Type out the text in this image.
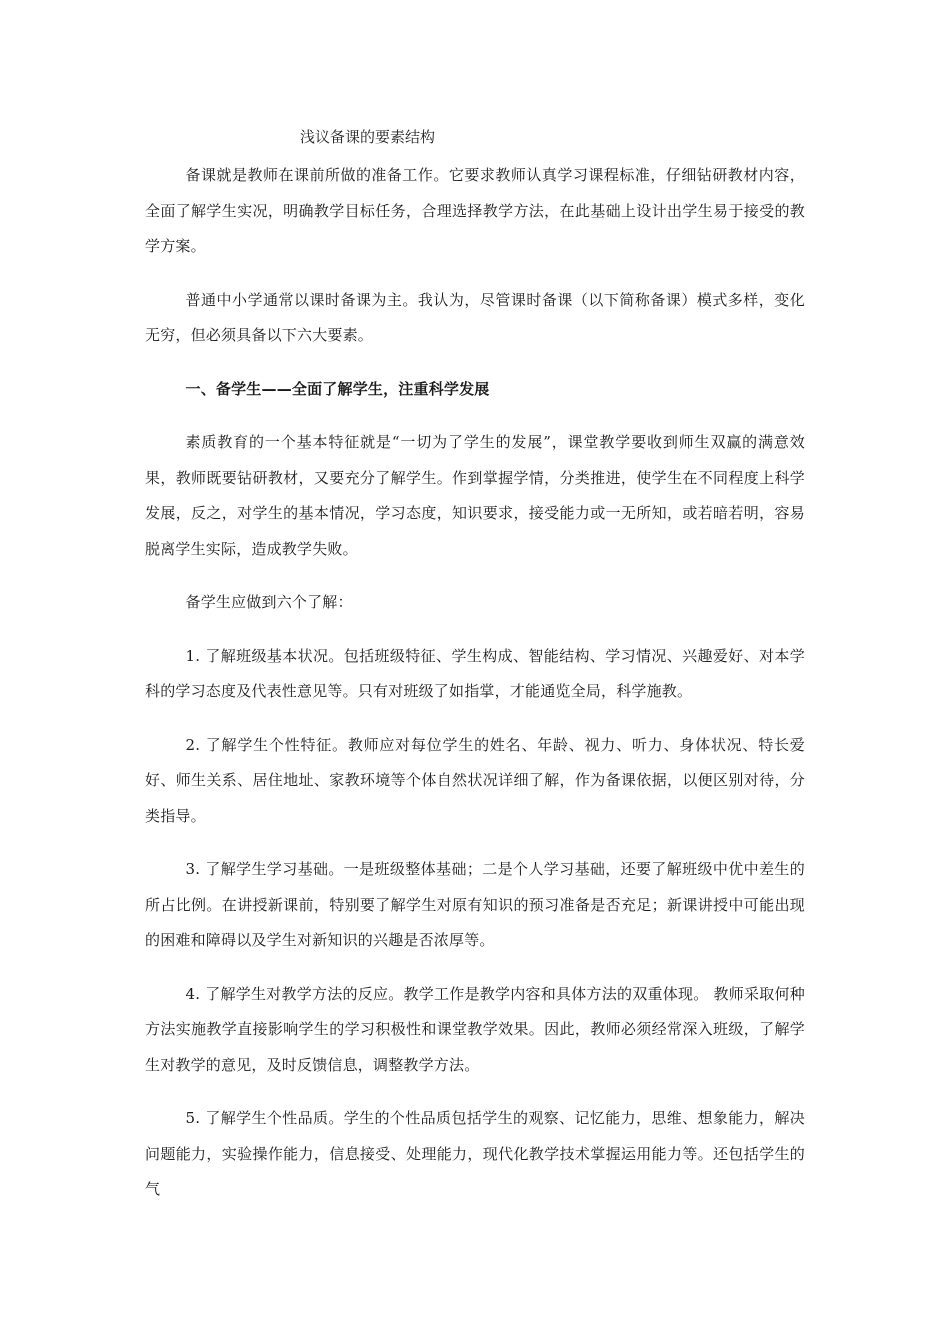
浅议备课的要素结构

备课就是教师在课前所做的准备工作。它要求教师认真学习课程标准，仔细钻研教材内容，全面了解学生实况，明确教学目标任务，合理选择教学方法，在此基础上设计出学生易于接受的教学方案。

普通中小学通常以课时备课为主。我认为，尽管课时备课（以下简称备课）模式多样，变化无穷，但必须具备以下六大要素。

一、备学生——全面了解学生，注重科学发展

素质教育的一个基本特征就是“一切为了学生的发展”，课堂教学要收到师生双赢的满意效果，教师既要钻研教材，又要充分了解学生。作到掌握学情，分类推进，使学生在不同程度上科学发展，反之，对学生的基本情况，学习态度，知识要求，接受能力或一无所知，或若暗若明，容易脱离学生实际，造成教学失败。

备学生应做到六个了解：

1. 了解班级基本状况。包括班级特征、学生构成、智能结构、学习情况、兴趣爱好、对本学科的学习态度及代表性意见等。只有对班级了如指掌，才能通览全局，科学施教。

2. 了解学生个性特征。教师应对每位学生的姓名、年龄、视力、听力、身体状况、特长爱好、师生关系、居住地址、家教环境等个体自然状况详细了解，作为备课依据，以便区别对待，分类指导。

3. 了解学生学习基础。一是班级整体基础；二是个人学习基础，还要了解班级中优中差生的所占比例。在讲授新课前，特别要了解学生对原有知识的预习准备是否充足；新课讲授中可能出现的困难和障碍以及学生对新知识的兴趣是否浓厚等。

4. 了解学生对教学方法的反应。教学工作是教学内容和具体方法的双重体现。 教师采取何种方法实施教学直接影响学生的学习积极性和课堂教学效果。因此，教师必须经常深入班级，了解学生对教学的意见，及时反馈信息，调整教学方法。

5. 了解学生个性品质。学生的个性品质包括学生的观察、记忆能力，思维、想象能力，解决问题能力，实验操作能力，信息接受、处理能力，现代化教学技术掌握运用能力等。还包括学生的气
